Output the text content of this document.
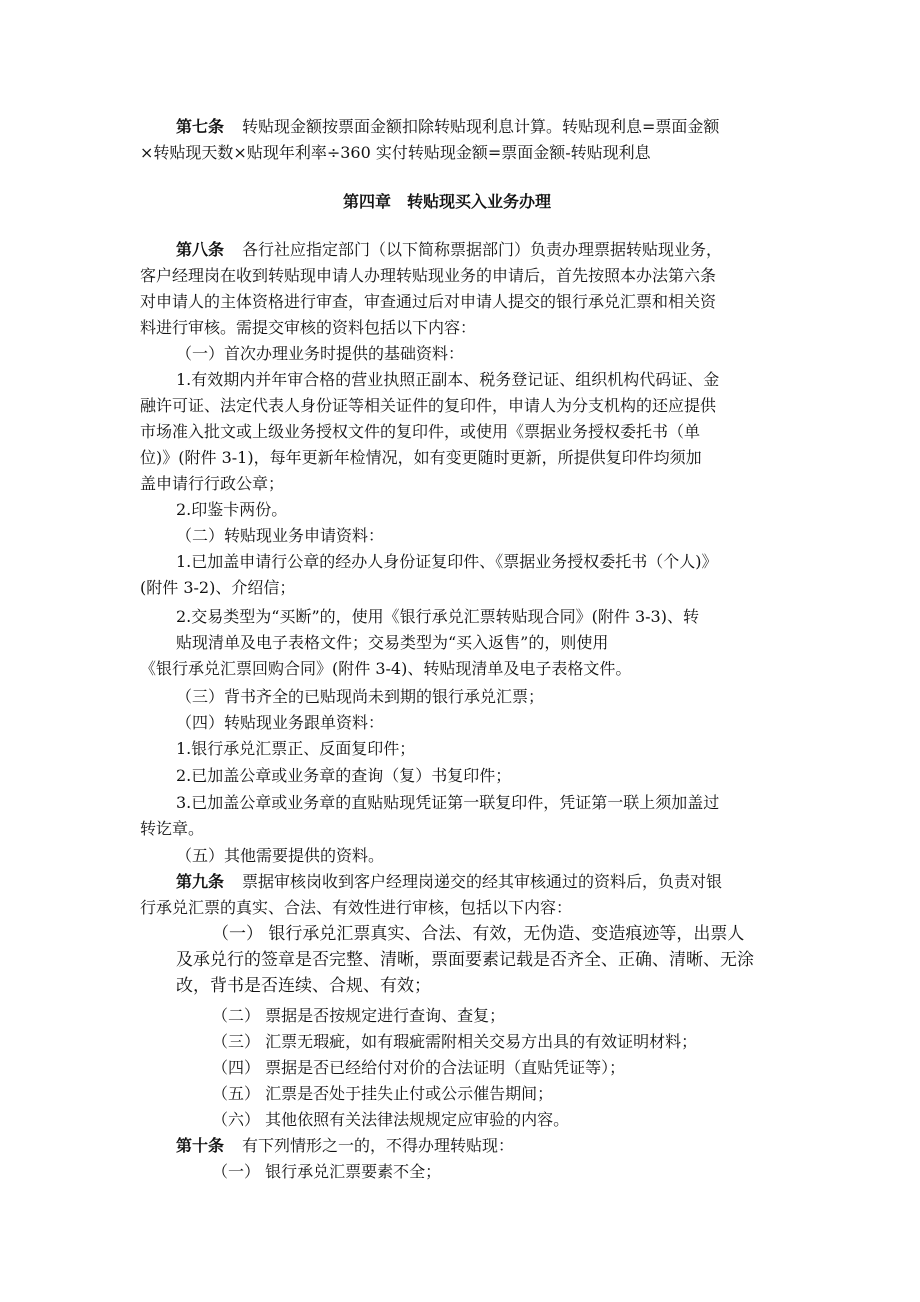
第七条 转贴现金额按票面金额扣除转贴现利息计算。转贴现利息=票面金额
×转贴现天数×贴现年利率÷360 实付转贴现金额=票面金额-转贴现利息
第四章　转贴现买入业务办理
第八条 各行社应指定部门（以下简称票据部门）负责办理票据转贴现业务，
客户经理岗在收到转贴现申请人办理转贴现业务的申请后，首先按照本办法第六条
对申请人的主体资格进行审查，审查通过后对申请人提交的银行承兑汇票和相关资
料进行审核。需提交审核的资料包括以下内容：
（一）首次办理业务时提供的基础资料：
1.有效期内并年审合格的营业执照正副本、税务登记证、组织机构代码证、金
融许可证、法定代表人身份证等相关证件的复印件，申请人为分支机构的还应提供
市场准入批文或上级业务授权文件的复印件，或使用《票据业务授权委托书（单
位)》(附件 3-1)，每年更新年检情况，如有变更随时更新，所提供复印件均须加
盖申请行行政公章；
2.印鉴卡两份。
（二）转贴现业务申请资料：
1.已加盖申请行公章的经办人身份证复印件、《票据业务授权委托书（个人)》
(附件 3-2)、介绍信；
2.交易类型为“买断”的，使用《银行承兑汇票转贴现合同》(附件 3-3)、转
贴现清单及电子表格文件；交易类型为“买入返售”的，则使用
《银行承兑汇票回购合同》(附件 3-4)、转贴现清单及电子表格文件。
（三）背书齐全的已贴现尚未到期的银行承兑汇票；
（四）转贴现业务跟单资料：
1.银行承兑汇票正、反面复印件；
2.已加盖公章或业务章的查询（复）书复印件；
3.已加盖公章或业务章的直贴贴现凭证第一联复印件，凭证第一联上须加盖过
转讫章。
（五）其他需要提供的资料。
第九条 票据审核岗收到客户经理岗递交的经其审核通过的资料后，负责对银
行承兑汇票的真实、合法、有效性进行审核，包括以下内容：
（一） 银行承兑汇票真实、合法、有效，无伪造、变造痕迹等，出票人
及承兑行的签章是否完整、清晰，票面要素记载是否齐全、正确、清晰、无涂
改，背书是否连续、合规、有效；
（二） 票据是否按规定进行查询、查复；
（三） 汇票无瑕疵，如有瑕疵需附相关交易方出具的有效证明材料；
（四） 票据是否已经给付对价的合法证明（直贴凭证等）；
（五） 汇票是否处于挂失止付或公示催告期间；
（六） 其他依照有关法律法规规定应审验的内容。
第十条 有下列情形之一的，不得办理转贴现：
（一） 银行承兑汇票要素不全；
